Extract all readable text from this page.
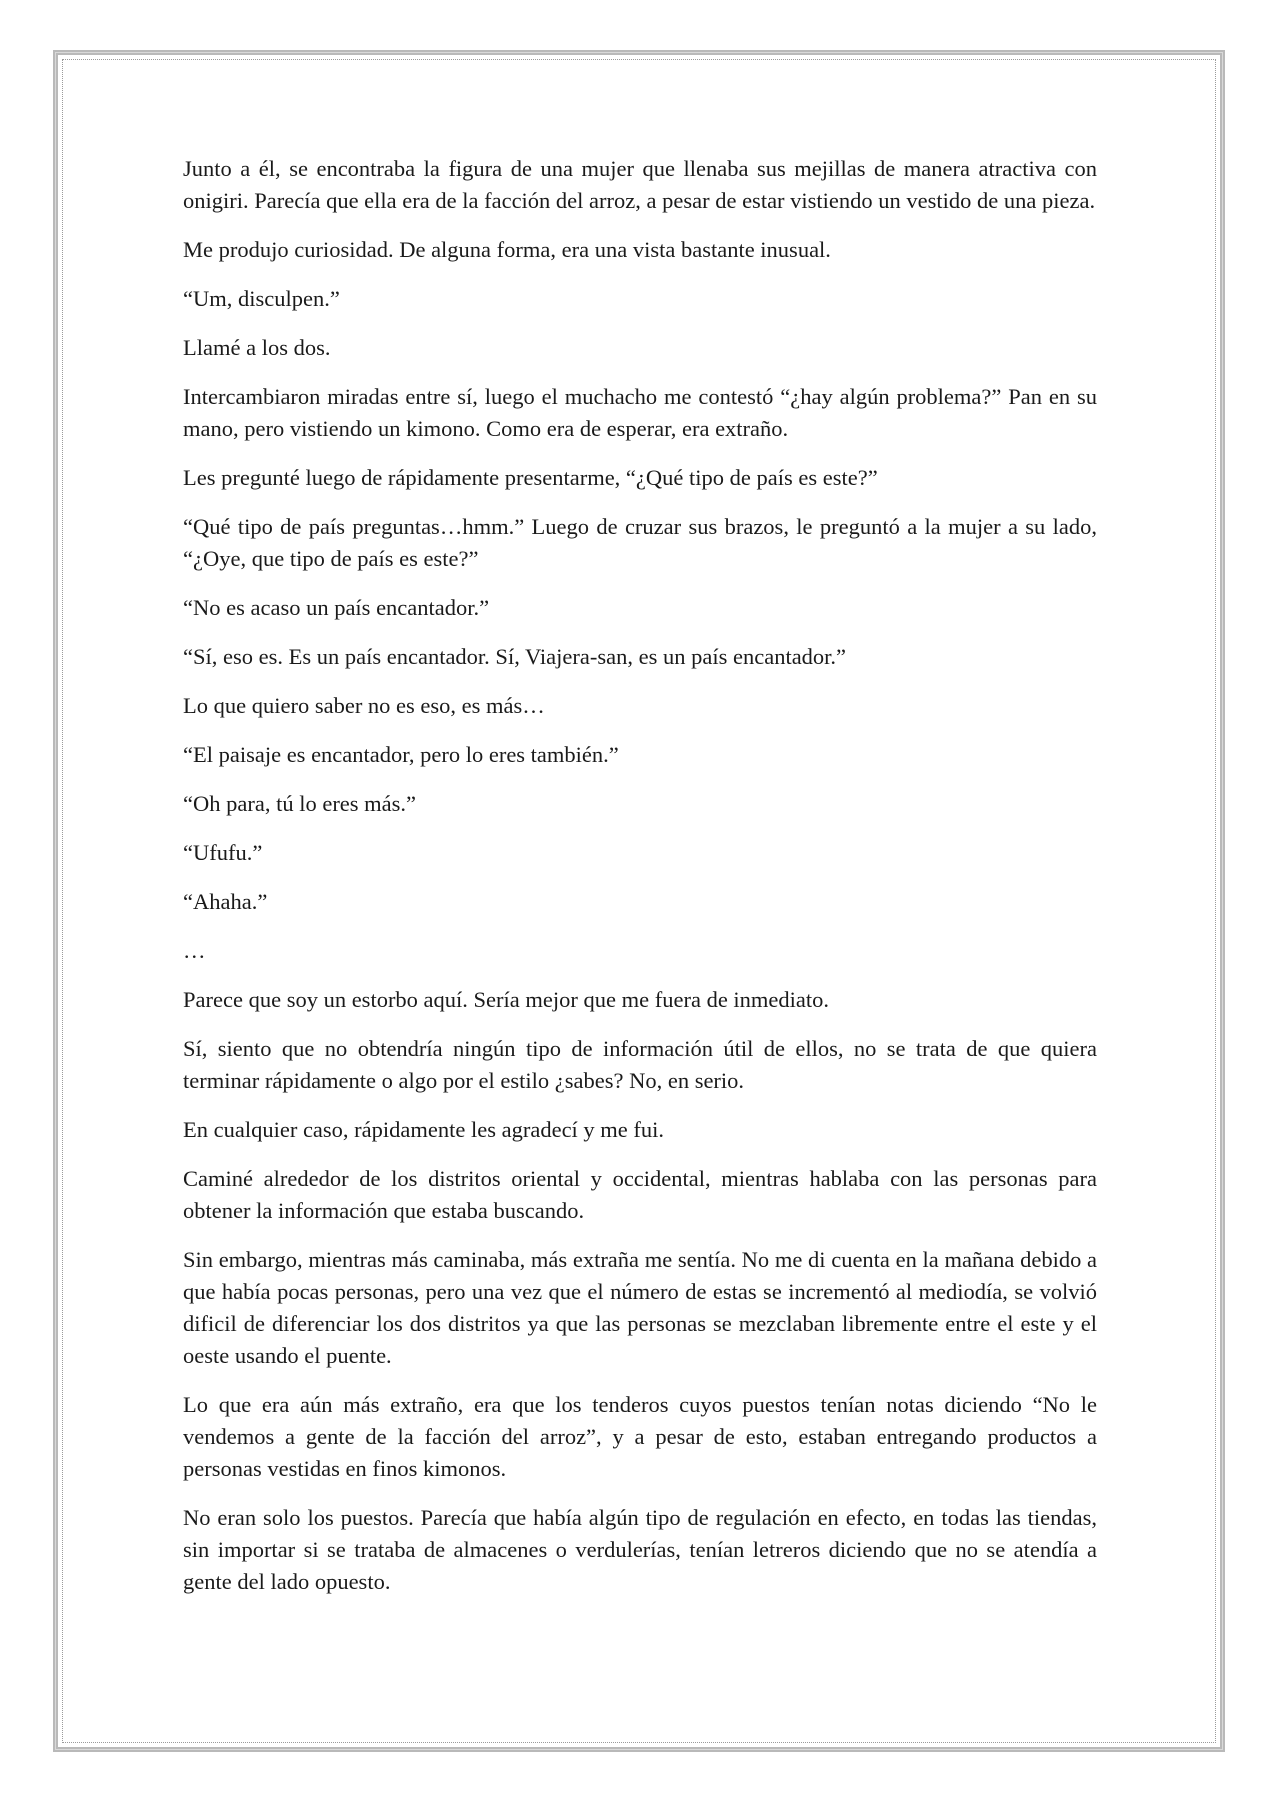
Junto a él, se encontraba la figura de una mujer que llenaba sus mejillas de manera atractiva con onigiri. Parecía que ella era de la facción del arroz, a pesar de estar vistiendo un vestido de una pieza.

Me produjo curiosidad. De alguna forma, era una vista bastante inusual.

“Um, disculpen.”

Llamé a los dos.

Intercambiaron miradas entre sí, luego el muchacho me contestó “¿hay algún problema?” Pan en su mano, pero vistiendo un kimono. Como era de esperar, era extraño.

Les pregunté luego de rápidamente presentarme, “¿Qué tipo de país es este?”

“Qué tipo de país preguntas…hmm.” Luego de cruzar sus brazos, le preguntó a la mujer a su lado, “¿Oye, que tipo de país es este?”

“No es acaso un país encantador.”

“Sí, eso es. Es un país encantador. Sí, Viajera-san, es un país encantador.”

Lo que quiero saber no es eso, es más…

“El paisaje es encantador, pero lo eres también.”

“Oh para, tú lo eres más.”

“Ufufu.”

“Ahaha.”

…

Parece que soy un estorbo aquí. Sería mejor que me fuera de inmediato.

Sí, siento que no obtendría ningún tipo de información útil de ellos, no se trata de que quiera terminar rápidamente o algo por el estilo ¿sabes? No, en serio.

En cualquier caso, rápidamente les agradecí y me fui.

Caminé alrededor de los distritos oriental y occidental, mientras hablaba con las personas para obtener la información que estaba buscando.

Sin embargo, mientras más caminaba, más extraña me sentía. No me di cuenta en la mañana debido a que había pocas personas, pero una vez que el número de estas se incrementó al mediodía, se volvió dificil de diferenciar los dos distritos ya que las personas se mezclaban libremente entre el este y el oeste usando el puente.

Lo que era aún más extraño, era que los tenderos cuyos puestos tenían notas diciendo “No le vendemos a gente de la facción del arroz”, y a pesar de esto, estaban entregando productos a personas vestidas en finos kimonos.

No eran solo los puestos. Parecía que había algún tipo de regulación en efecto, en todas las tiendas, sin importar si se trataba de almacenes o verdulerías, tenían letreros diciendo que no se atendía a gente del lado opuesto.
